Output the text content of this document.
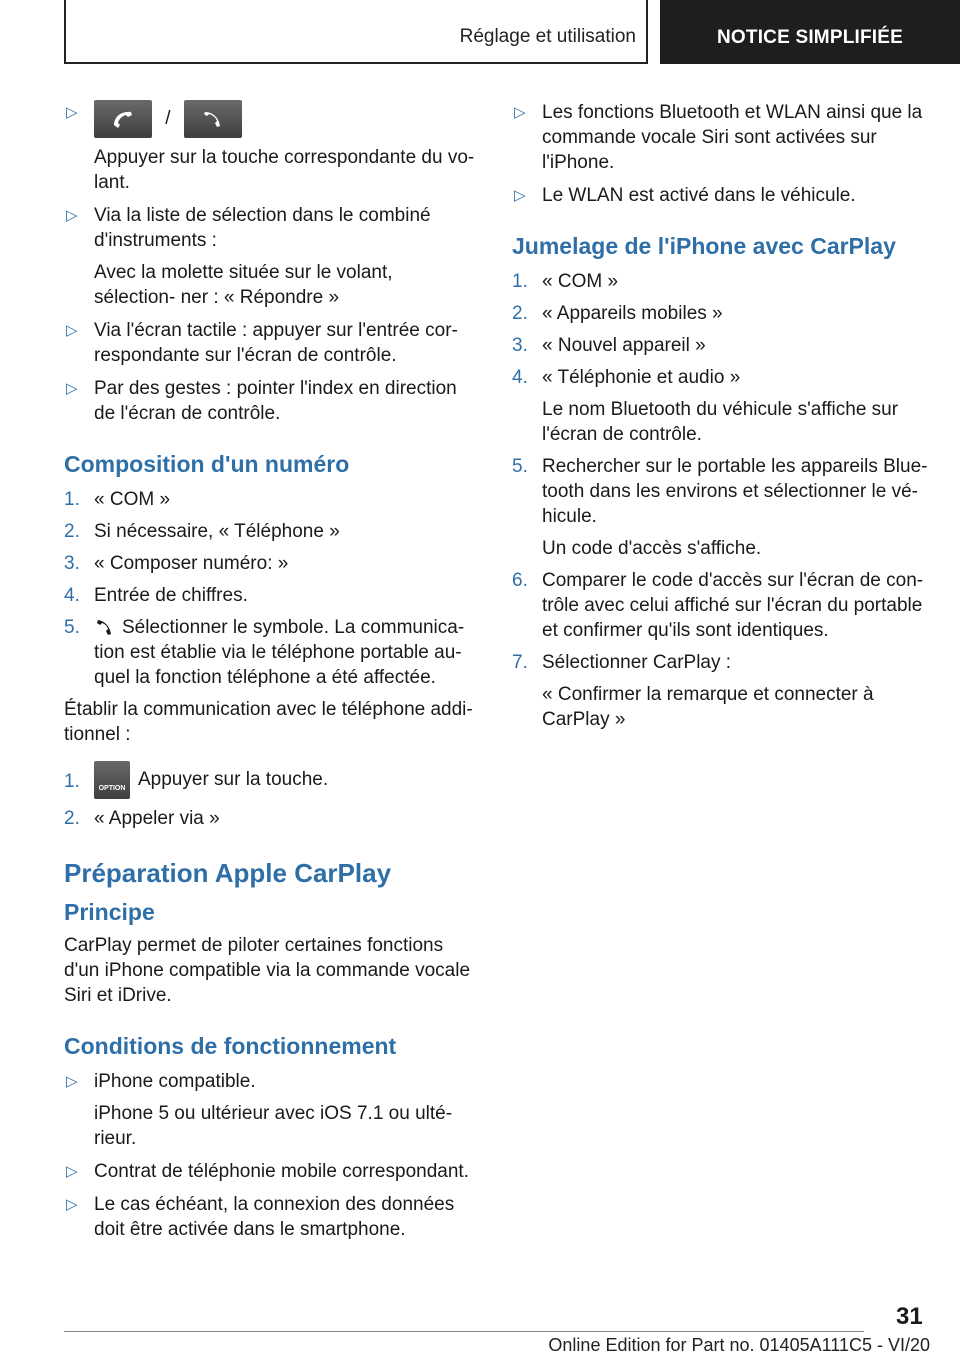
Réglage et utilisation	NOTICE SIMPLIFIÉE
▷	/

Appuyer sur la touche correspondante du vo‐ lant.

▷ Via la liste de sélection dans le combiné d'instruments :

Avec la molette située sur le volant, sélection‐ ner : « Répondre »

▷ Via l'écran tactile : appuyer sur l'entrée cor‐ respondante sur l'écran de contrôle.

▷ Par des gestes : pointer l'index en direction de l'écran de contrôle.

Composition d'un numéro
1. « COM »

2. Si nécessaire, « Téléphone »

3. « Composer numéro: »

4. Entrée de chiffres.

5.	Sélectionner le symbole. La communica‐ tion est établie via le téléphone portable au‐ quel la fonction téléphone a été affectée.

Établir la communication avec le téléphone addi‐ tionnel :

1.	OPTION Appuyer sur la touche.

2. « Appeler via »

Préparation Apple CarPlay
Principe

CarPlay permet de piloter certaines fonctions d'un iPhone compatible via la commande vocale Siri et iDrive.

Conditions de fonctionnement
▷ iPhone compatible.

iPhone 5 ou ultérieur avec iOS 7.1 ou ulté‐ rieur.

▷ Contrat de téléphonie mobile correspondant.

▷ Le cas échéant, la connexion des données doit être activée dans le smartphone.

▷ Les fonctions Bluetooth et WLAN ainsi que la commande vocale Siri sont activées sur l'iPhone.

▷ Le WLAN est activé dans le véhicule.

Jumelage de l'iPhone avec CarPlay
1. « COM »

2. « Appareils mobiles »

3. « Nouvel appareil »

4. « Téléphonie et audio »

Le nom Bluetooth du véhicule s'affiche sur l'écran de contrôle.

5. Rechercher sur le portable les appareils Blue‐ tooth dans les environs et sélectionner le vé‐ hicule.

Un code d'accès s'affiche.

6. Comparer le code d'accès sur l'écran de con‐ trôle avec celui affiché sur l'écran du portable et confirmer qu'ils sont identiques.

7. Sélectionner CarPlay :

« Confirmer la remarque et connecter à CarPlay »

31
Online Edition for Part no. 01405A111C5 - VI/20
